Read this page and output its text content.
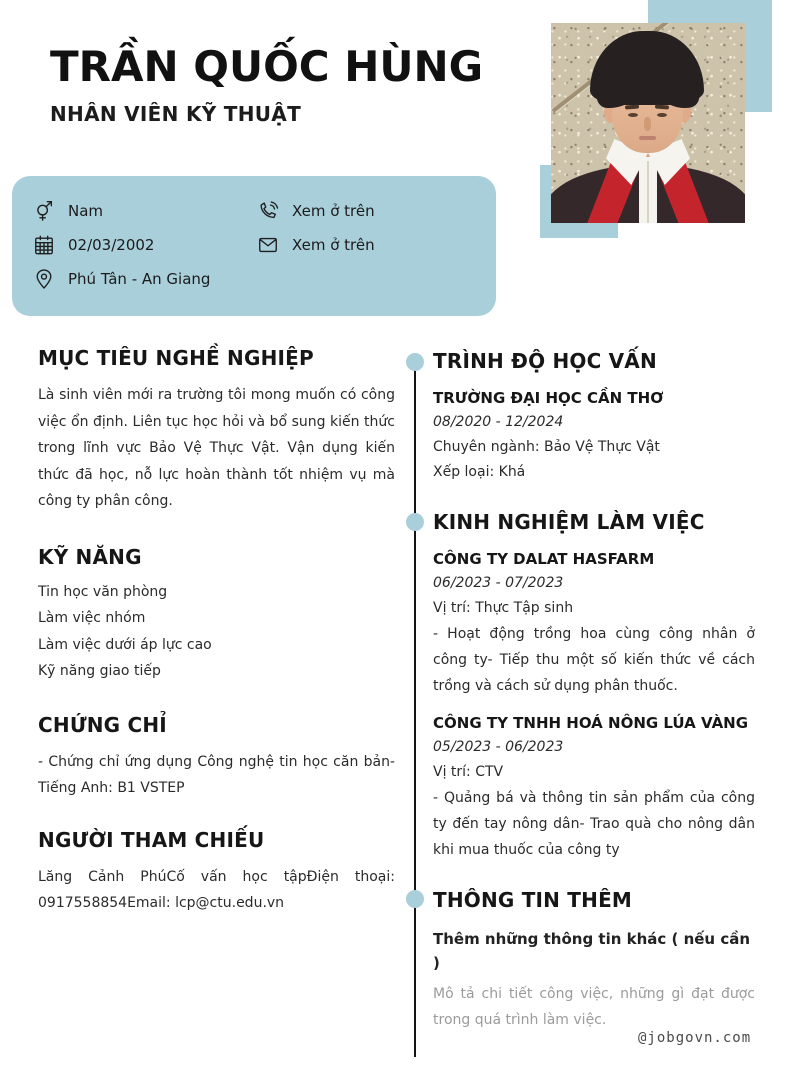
TRẦN QUỐC HÙNG
NHÂN VIÊN KỸ THUẬT
Nam
02/03/2002
Phú Tân - An Giang
Xem ở trên
Xem ở trên
MỤC TIÊU NGHỀ NGHIỆP

Là sinh viên mới ra trường tôi mong muốn có công việc ổn định. Liên tục học hỏi và bổ sung kiến thức trong lĩnh vực Bảo Vệ Thực Vật. Vận dụng kiến thức đã học, nỗ lực hoàn thành tốt nhiệm vụ mà công ty phân công.

KỸ NĂNG
Tin học văn phòng
Làm việc nhóm
Làm việc dưới áp lực cao
Kỹ năng giao tiếp
CHỨNG CHỈ

- Chứng chỉ ứng dụng Công nghệ tin học căn bản- Tiếng Anh: B1 VSTEP

NGƯỜI THAM CHIẾU

Lăng Cảnh PhúCố vấn học tậpĐiện thoại: 0917558854Email: lcp@ctu.edu.vn

TRÌNH ĐỘ HỌC VẤN
TRƯỜNG ĐẠI HỌC CẦN THƠ
08/2020 - 12/2024
Chuyên ngành: Bảo Vệ Thực Vật
Xếp loại: Khá
KINH NGHIỆM LÀM VIỆC
CÔNG TY DALAT HASFARM
06/2023 - 07/2023
Vị trí: Thực Tập sinh
- Hoạt động trồng hoa cùng công nhân ở công ty- Tiếp thu một số kiến thức về cách trồng và cách sử dụng phân thuốc.
CÔNG TY TNHH HOÁ NÔNG LÚA VÀNG
05/2023 - 06/2023
Vị trí: CTV
- Quảng bá và thông tin sản phẩm của công ty đến tay nông dân- Trao quà cho nông dân khi mua thuốc của công ty
THÔNG TIN THÊM
Thêm những thông tin khác ( nếu cần )
Mô tả chi tiết công việc, những gì đạt được trong quá trình làm việc.
@jobgovn.com
